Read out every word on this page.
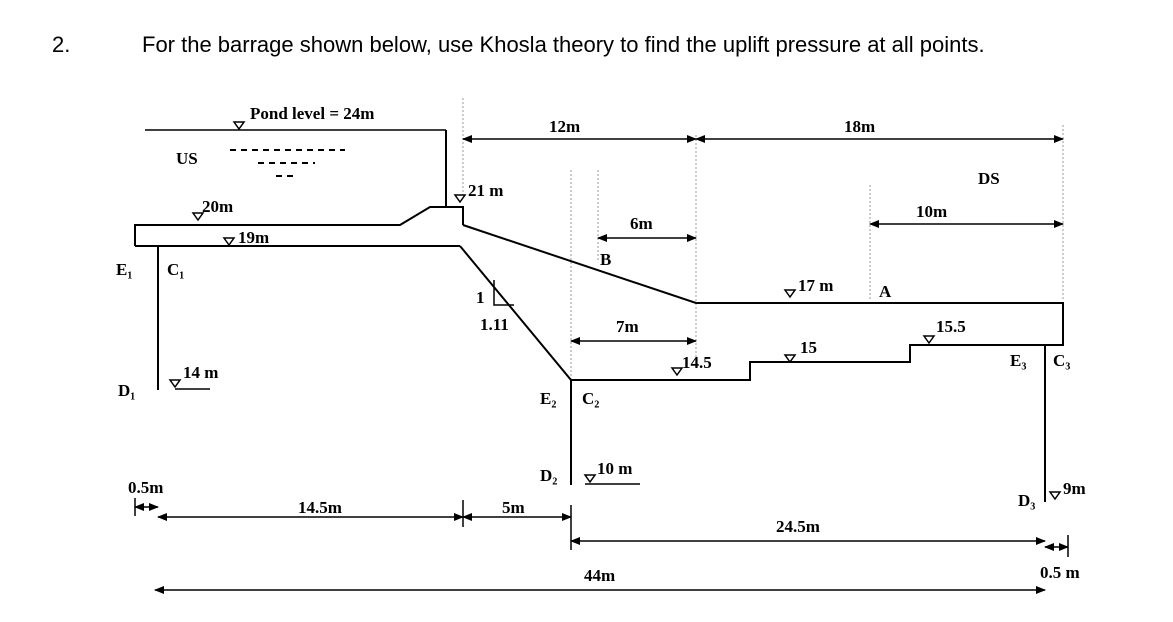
2.	For the barrage shown below, use Khosla theory to find the uplift pressure at all points.
Pond level = 24m
US
DS
20m
19m
21 m
17 m
15
15.5
14.5
14 m
10 m
9m
1
1.11
E₁ C₁
D₁	E₂ C₂
D₂
E₃ C₃
D₃
A
B
12m	18m
6m
7m
10m
0.5m
14.5m	5m
24.5m
44m	0.5 m
